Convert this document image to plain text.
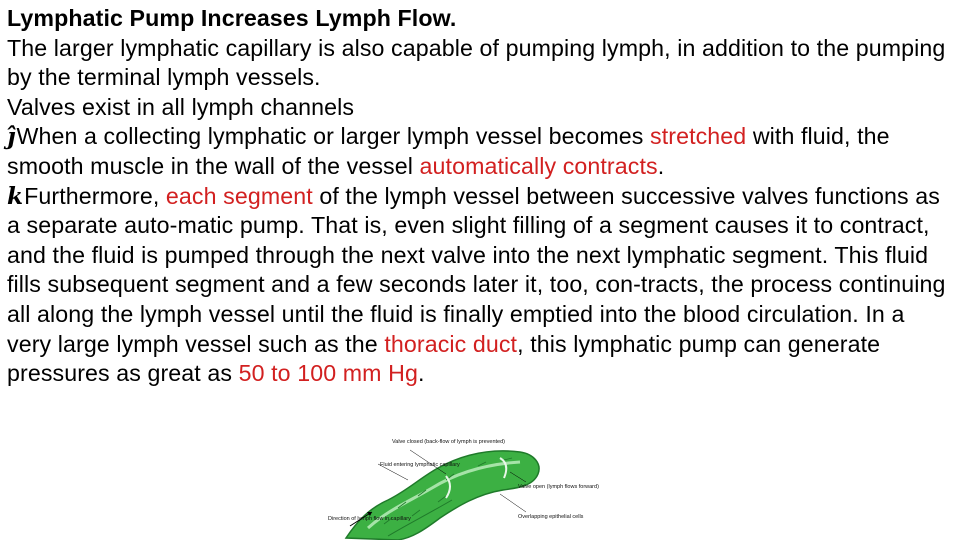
Lymphatic Pump Increases Lymph Flow.

The larger lymphatic capillary is also capable of pumping lymph, in addition to the pumping by the terminal lymph vessels.

Valves exist in all lymph channels

ĵWhen a collecting lymphatic or larger lymph vessel becomes stretched with fluid, the smooth muscle in the wall of the vessel automatically contracts.

kFurthermore, each segment of the lymph vessel between successive valves functions as a separate auto-matic pump. That is, even slight filling of a segment causes it to contract, and the fluid is pumped through the next valve into the next lymphatic segment. This fluid fills subsequent segment and a few seconds later it, too, con-tracts, the process continuing all along the lymph vessel until the fluid is finally emptied into the blood circulation. In a very large lymph vessel such as the thoracic duct, this lymphatic pump can generate pressures as great as 50 to 100 mm Hg.

Valve closed (back-flow of lymph is prevented)
Fluid entering lymphatic capillary
Valve open (lymph flows forward)
Direction of lymph flow in capillary	Overlapping epithelial cells
